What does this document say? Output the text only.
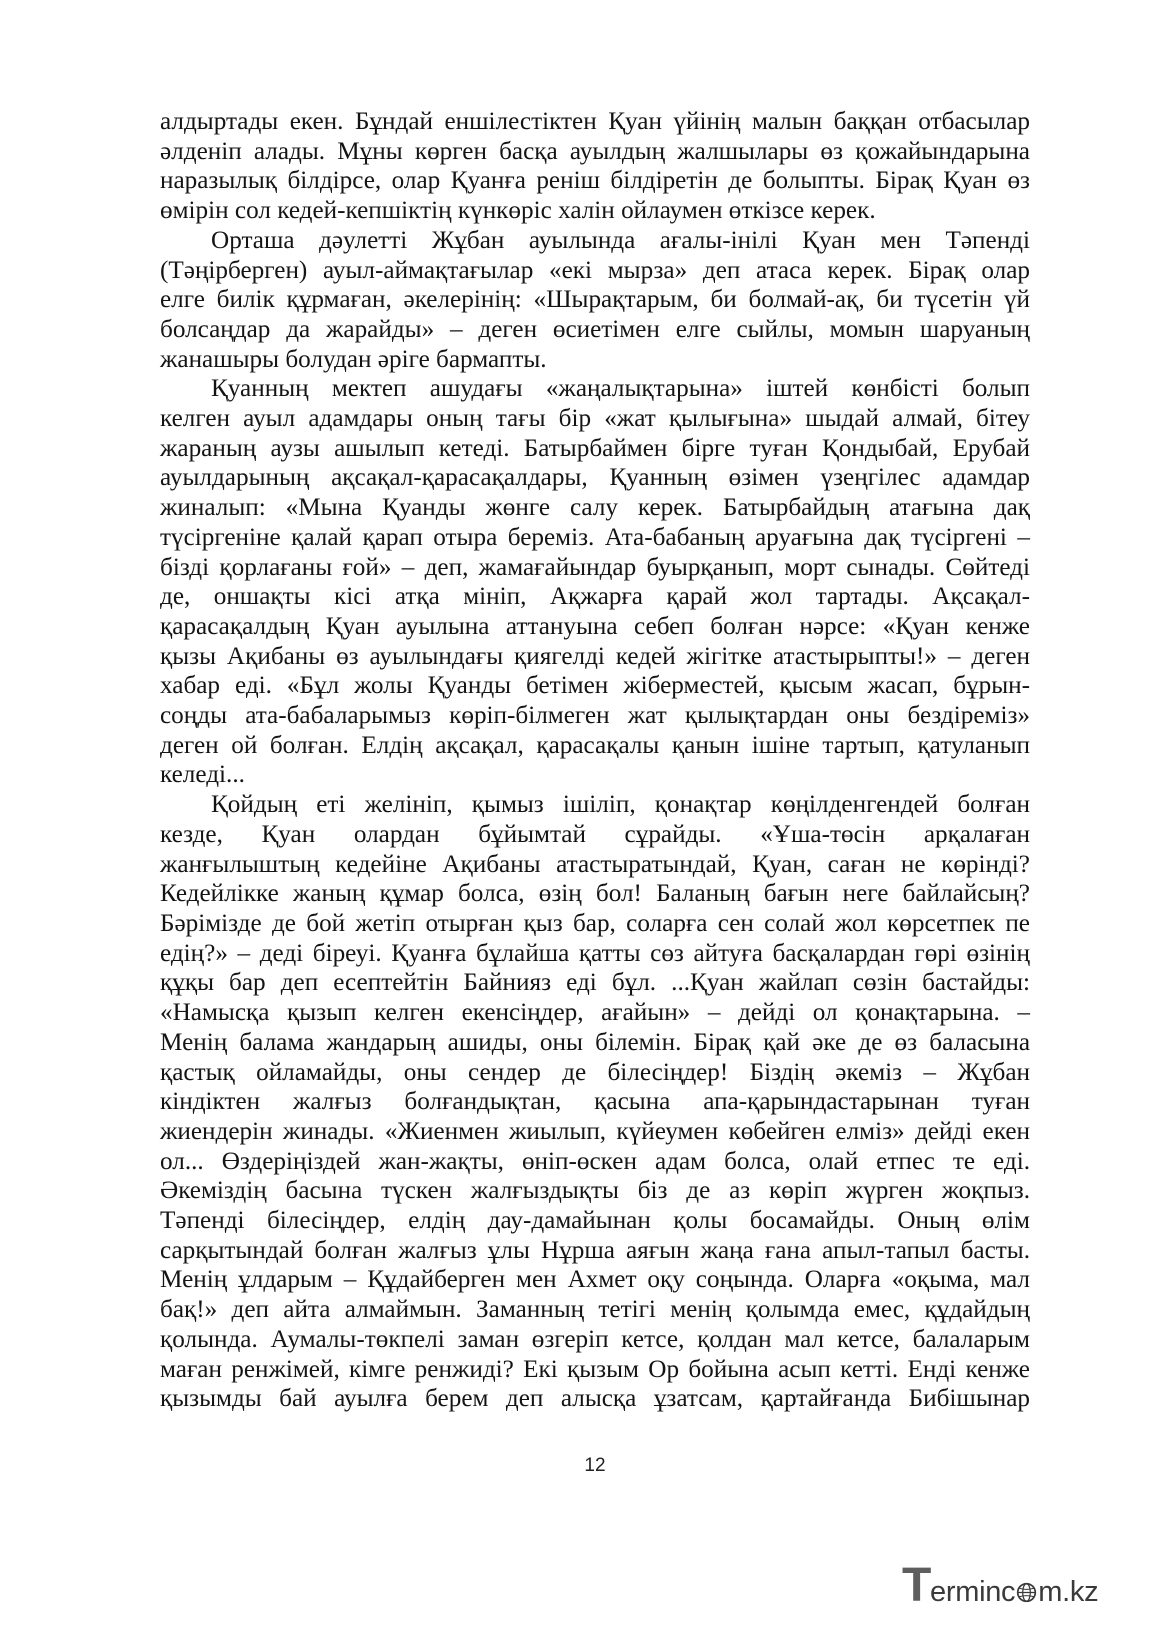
алдыртады екен. Бұндай еншілестіктен Қуан үйінің малын баққан отбасылар
әлденіп алады. Мұны көрген басқа ауылдың жалшылары өз қожайындарына
наразылық білдірсе, олар Қуанға реніш білдіретін де болыпты. Бірақ Қуан өз
өмірін сол кедей-кепшіктің күнкөріс халін ойлаумен өткізсе керек.
Орташа дәулетті Жұбан ауылында ағалы-інілі Қуан мен Тәпенді
(Тәңірберген) ауыл-аймақтағылар «екі мырза» деп атаса керек. Бірақ олар
елге билік құрмаған, әкелерінің: «Шырақтарым, би болмай-ақ, би түсетін үй
болсаңдар да жарайды» – деген өсиетімен елге сыйлы, момын шаруаның
жанашыры болудан әріге бармапты.
Қуанның мектеп ашудағы «жаңалықтарына» іштей көнбісті болып
келген ауыл адамдары оның тағы бір «жат қылығына» шыдай алмай, бітеу
жараның аузы ашылып кетеді. Батырбаймен бірге туған Қондыбай, Ерубай
ауылдарының ақсақал-қарасақалдары, Қуанның өзімен үзеңгілес адамдар
жиналып: «Мына Қуанды жөнге салу керек. Батырбайдың атағына дақ
түсіргеніне қалай қарап отыра береміз. Ата-бабаның аруағына дақ түсіргені –
бізді қорлағаны ғой» – деп, жамағайындар буырқанып, морт сынады. Сөйтеді
де, оншақты кісі атқа мініп, Ақжарға қарай жол тартады. Ақсақал-
қарасақалдың Қуан ауылына аттануына себеп болған нәрсе: «Қуан кенже
қызы Ақибаны өз ауылындағы қиягелді кедей жігітке атастырыпты!» – деген
хабар еді. «Бұл жолы Қуанды бетімен жіберместей, қысым жасап, бұрын-
соңды ата-бабаларымыз көріп-білмеген жат қылықтардан оны бездіреміз»
деген ой болған. Елдің ақсақал, қарасақалы қанын ішіне тартып, қатуланып
келеді...
Қойдың еті желініп, қымыз ішіліп, қонақтар көңілденгендей болған
кезде, Қуан олардан бұйымтай сұрайды. «Ұша-төсін арқалаған
жанғылыштың кедейіне Ақибаны атастыратындай, Қуан, саған не көрінді?
Кедейлікке жаның құмар болса, өзің бол! Баланың бағын неге байлайсың?
Бәрімізде де бой жетіп отырған қыз бар, соларға сен солай жол көрсетпек пе
едің?» – деді біреуі. Қуанға бұлайша қатты сөз айтуға басқалардан гөрі өзінің
құқы бар деп есептейтін Байнияз еді бұл. ...Қуан жайлап сөзін бастайды:
«Намысқа қызып келген екенсіңдер, ағайын» – дейді ол қонақтарына. –
Менің балама жандарың ашиды, оны білемін. Бірақ қай әке де өз баласына
қастық ойламайды, оны сендер де білесіңдер! Біздің әкеміз – Жұбан
кіндіктен жалғыз болғандықтан, қасына апа-қарындастарынан туған
жиендерін жинады. «Жиенмен жиылып, күйеумен көбейген елміз» дейді екен
ол... Өздеріңіздей жан-жақты, өніп-өскен адам болса, олай етпес те еді.
Әкеміздің басына түскен жалғыздықты біз де аз көріп жүрген жоқпыз.
Тәпенді білесіңдер, елдің дау-дамайынан қолы босамайды. Оның өлім
сарқытындай болған жалғыз ұлы Нұрша аяғын жаңа ғана апыл-тапыл басты.
Менің ұлдарым – Құдайберген мен Ахмет оқу соңында. Оларға «оқыма, мал
бақ!» деп айта алмаймын. Заманның тетігі менің қолымда емес, құдайдың
қолында. Аумалы-төкпелі заман өзгеріп кетсе, қолдан мал кетсе, балаларым
маған ренжімей, кімге ренжиді? Екі қызым Ор бойына асып кетті. Енді кенже
қызымды бай ауылға берем деп алысқа ұзатсам, қартайғанда Бибішынар
12
Terminc m.kz
